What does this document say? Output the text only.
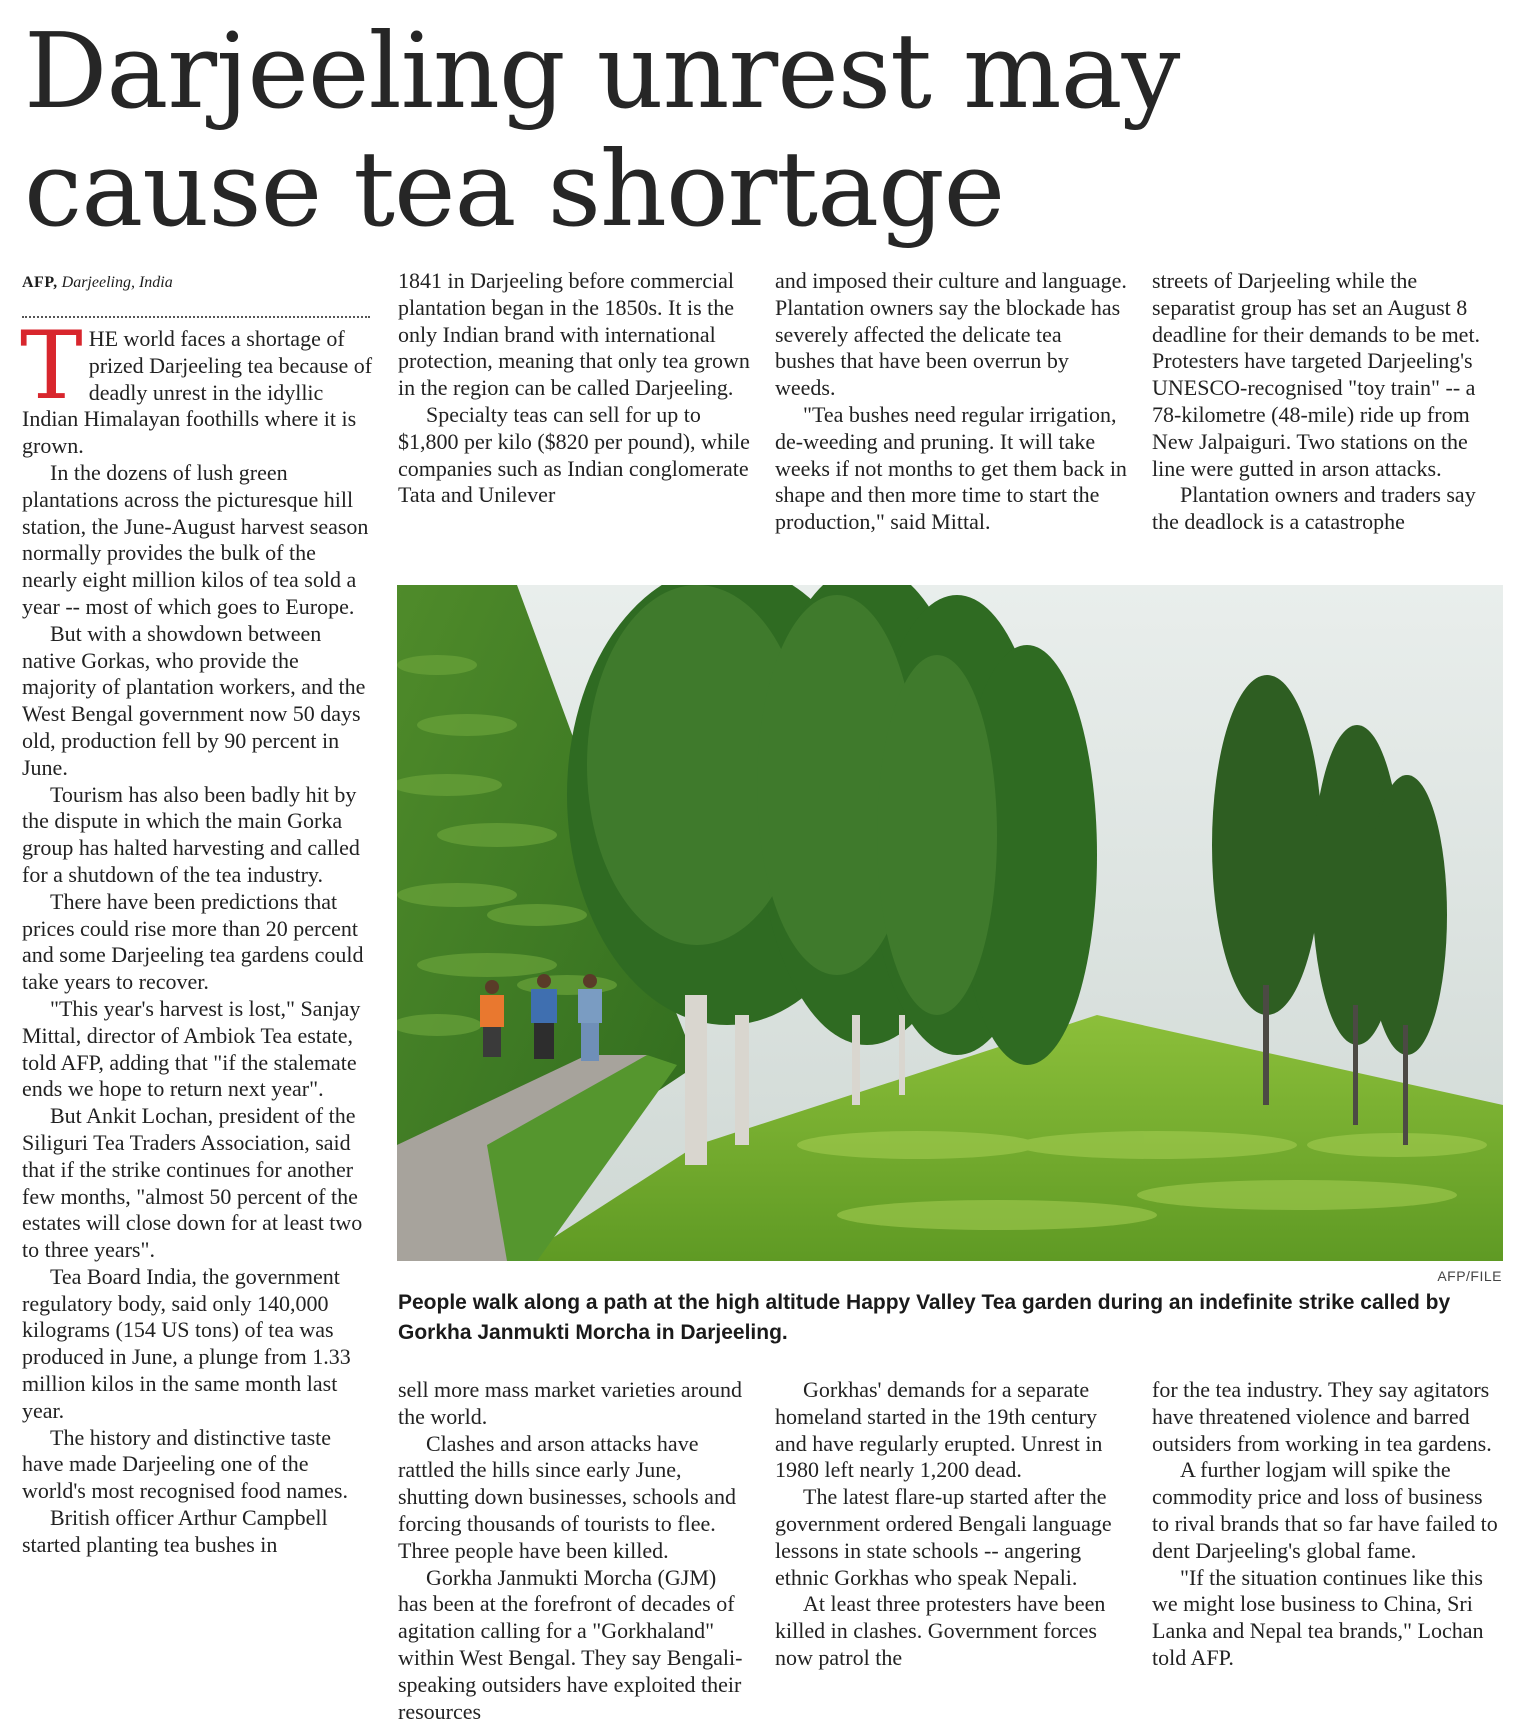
Darjeeling unrest may
cause tea shortage
AFP, Darjeeling, India

THE world faces a shortage of prized Darjeeling tea because of deadly unrest in the idyllic Indian Himalayan foothills where it is grown.

In the dozens of lush green plantations across the picturesque hill station, the June-August harvest season normally provides the bulk of the nearly eight million kilos of tea sold a year -- most of which goes to Europe.

But with a showdown between native Gorkas, who provide the majority of plantation workers, and the West Bengal government now 50 days old, production fell by 90 percent in June.

Tourism has also been badly hit by the dispute in which the main Gorka group has halted harvesting and called for a shutdown of the tea industry.

There have been predictions that prices could rise more than 20 percent and some Darjeeling tea gardens could take years to recover.

"This year's harvest is lost," Sanjay Mittal, director of Ambiok Tea estate, told AFP, adding that "if the stalemate ends we hope to return next year".

But Ankit Lochan, president of the Siliguri Tea Traders Association, said that if the strike continues for another few months, "almost 50 percent of the estates will close down for at least two to three years".

Tea Board India, the government regulatory body, said only 140,000 kilograms (154 US tons) of tea was produced in June, a plunge from 1.33 million kilos in the same month last year.

The history and distinctive taste have made Darjeeling one of the world's most recognised food names.

British officer Arthur Campbell started planting tea bushes in

1841 in Darjeeling before commercial plantation began in the 1850s. It is the only Indian brand with international protection, meaning that only tea grown in the region can be called Darjeeling.

Specialty teas can sell for up to $1,800 per kilo ($820 per pound), while companies such as Indian conglomerate Tata and Unilever

and imposed their culture and language. Plantation owners say the blockade has severely affected the delicate tea bushes that have been overrun by weeds.

"Tea bushes need regular irrigation, de-weeding and pruning. It will take weeks if not months to get them back in shape and then more time to start the production," said Mittal.

streets of Darjeeling while the separatist group has set an August 8 deadline for their demands to be met. Protesters have targeted Darjeeling's UNESCO-recognised "toy train" -- a 78-kilometre (48-mile) ride up from New Jalpaiguri. Two stations on the line were gutted in arson attacks.

Plantation owners and traders say the deadlock is a catastrophe

AFP/FILE

People walk along a path at the high altitude Happy Valley Tea garden during an indefinite strike called by Gorkha Janmukti Morcha in Darjeeling.

sell more mass market varieties around the world.

Clashes and arson attacks have rattled the hills since early June, shutting down businesses, schools and forcing thousands of tourists to flee. Three people have been killed.

Gorkha Janmukti Morcha (GJM) has been at the forefront of decades of agitation calling for a "Gorkhaland" within West Bengal. They say Bengali-speaking outsiders have exploited their resources

Gorkhas' demands for a separate homeland started in the 19th century and have regularly erupted. Unrest in 1980 left nearly 1,200 dead.

The latest flare-up started after the government ordered Bengali language lessons in state schools -- angering ethnic Gorkhas who speak Nepali.

At least three protesters have been killed in clashes. Government forces now patrol the

for the tea industry. They say agitators have threatened violence and barred outsiders from working in tea gardens.

A further logjam will spike the commodity price and loss of business to rival brands that so far have failed to dent Darjeeling's global fame.

"If the situation continues like this we might lose business to China, Sri Lanka and Nepal tea brands," Lochan told AFP.
